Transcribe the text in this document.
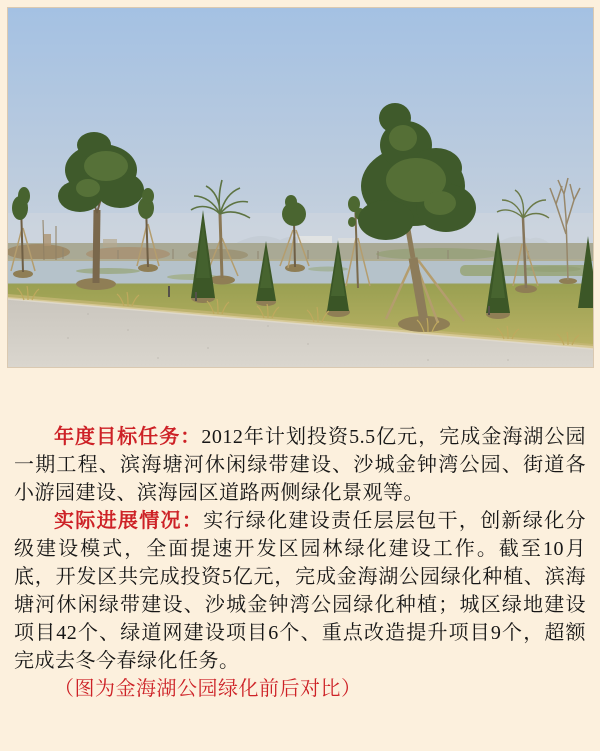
年度目标任务：2012年计划投资5.5亿元，完成金海湖公园一期工程、滨海塘河休闲绿带建设、沙城金钟湾公园、街道各小游园建设、滨海园区道路两侧绿化景观等。

实际进展情况：实行绿化建设责任层层包干，创新绿化分级建设模式，全面提速开发区园林绿化建设工作。截至10月底，开发区共完成投资5亿元，完成金海湖公园绿化种植、滨海塘河休闲绿带建设、沙城金钟湾公园绿化种植；城区绿地建设项目42个、绿道网建设项目6个、重点改造提升项目9个，超额完成去冬今春绿化任务。

（图为金海湖公园绿化前后对比）
